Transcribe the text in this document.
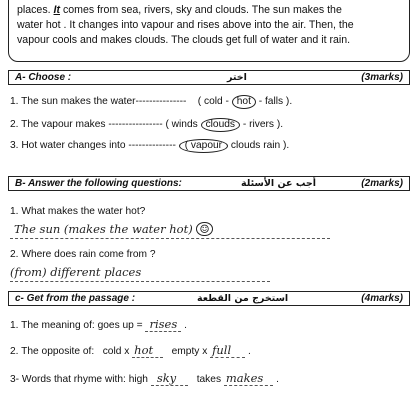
places. It comes from sea, rivers, sky and clouds. The sun makes the

water hot . It changes into vapour and rises above into the air. Then, the

vapour cools and makes clouds. The clouds get full of water and it rain.

A- Choose :	اختر	(3marks)
1. The sun makes the water--------------- ( cold - hot - falls ).
2. The vapour makes ---------------- ( winds clouds - rivers ).
3. Hot water changes into -------------- ( vapour clouds rain ).
B- Answer the following questions:	أجب عن الأسئلة	(2marks)
1. What makes the water hot?
The sun (makes the water hot) ☺
2. Where does rain come from ?
(from) different places
c- Get from the passage :	استخرج من القطعة	(4marks)
1. The meaning of: goes up = rises .
2. The opposite of: cold x hot empty x full .
3- Words that rhyme with: high sky takes makes .
